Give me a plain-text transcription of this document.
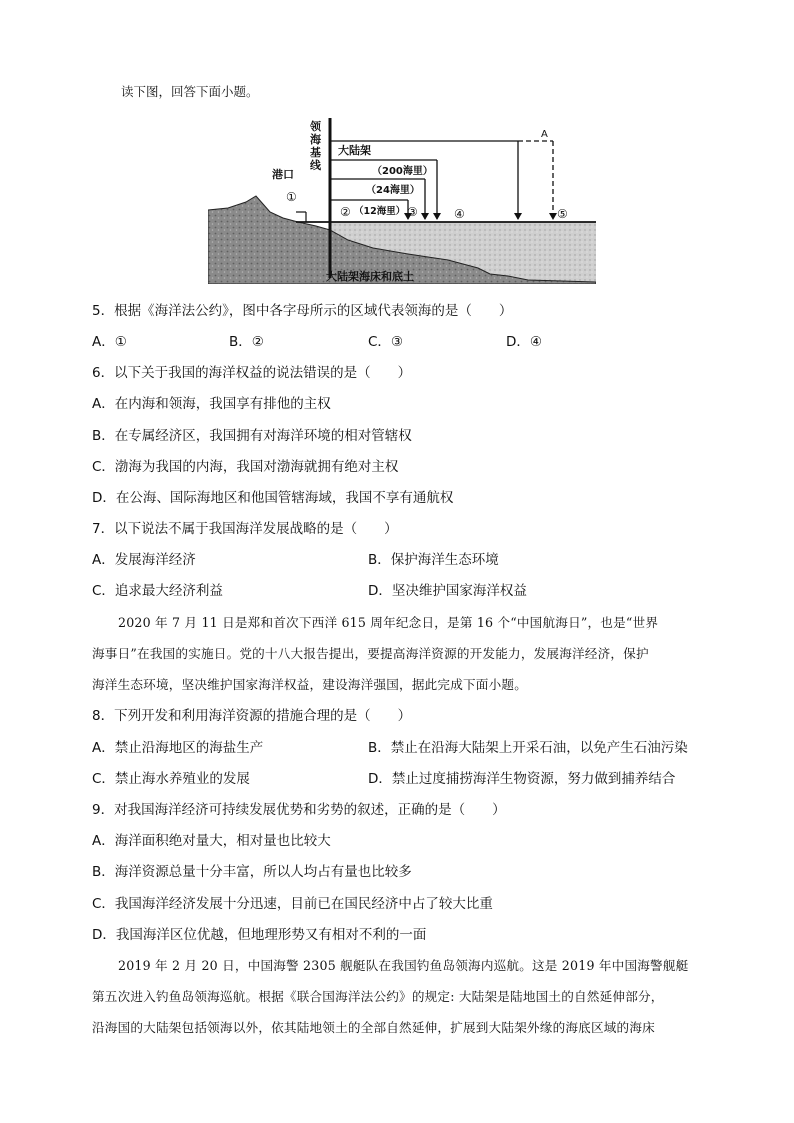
读下图，回答下面小题。
领
海
基
线
港口
大陆架
（200海里）
（24海里）
（12海里）
A
①
②	③	④	⑤
大陆架海床和底土
5．根据《海洋法公约》，图中各字母所示的区域代表领海的是（　　）
A．①	B．②	C．③	D．④
6．以下关于我国的海洋权益的说法错误的是（　　）
A．在内海和领海，我国享有排他的主权
B．在专属经济区，我国拥有对海洋环境的相对管辖权
C．渤海为我国的内海，我国对渤海就拥有绝对主权
D．在公海、国际海地区和他国管辖海域，我国不享有通航权
7．以下说法不属于我国海洋发展战略的是（　　）
A．发展海洋经济	B．保护海洋生态环境
C．追求最大经济利益	D．坚决维护国家海洋权益
2020 年 7 月 11 日是郑和首次下西洋 615 周年纪念日，是第 16 个“中国航海日”，也是“世界
海事日”在我国的实施日。党的十八大报告提出，要提高海洋资源的开发能力，发展海洋经济，保护
海洋生态环境，坚决维护国家海洋权益，建设海洋强国，据此完成下面小题。
8．下列开发和利用海洋资源的措施合理的是（　　）
A．禁止沿海地区的海盐生产	B．禁止在沿海大陆架上开采石油，以免产生石油污染
C．禁止海水养殖业的发展	D．禁止过度捕捞海洋生物资源，努力做到捕养结合
9．对我国海洋经济可持续发展优势和劣势的叙述，正确的是（　　）
A．海洋面积绝对量大，相对量也比较大
B．海洋资源总量十分丰富，所以人均占有量也比较多
C．我国海洋经济发展十分迅速，目前已在国民经济中占了较大比重
D．我国海洋区位优越，但地理形势又有相对不利的一面
2019 年 2 月 20 日，中国海警 2305 舰艇队在我国钓鱼岛领海内巡航。这是 2019 年中国海警舰艇
第五次进入钓鱼岛领海巡航。根据《联合国海洋法公约》的规定: 大陆架是陆地国土的自然延伸部分，
沿海国的大陆架包括领海以外，依其陆地领土的全部自然延伸，扩展到大陆架外缘的海底区域的海床
